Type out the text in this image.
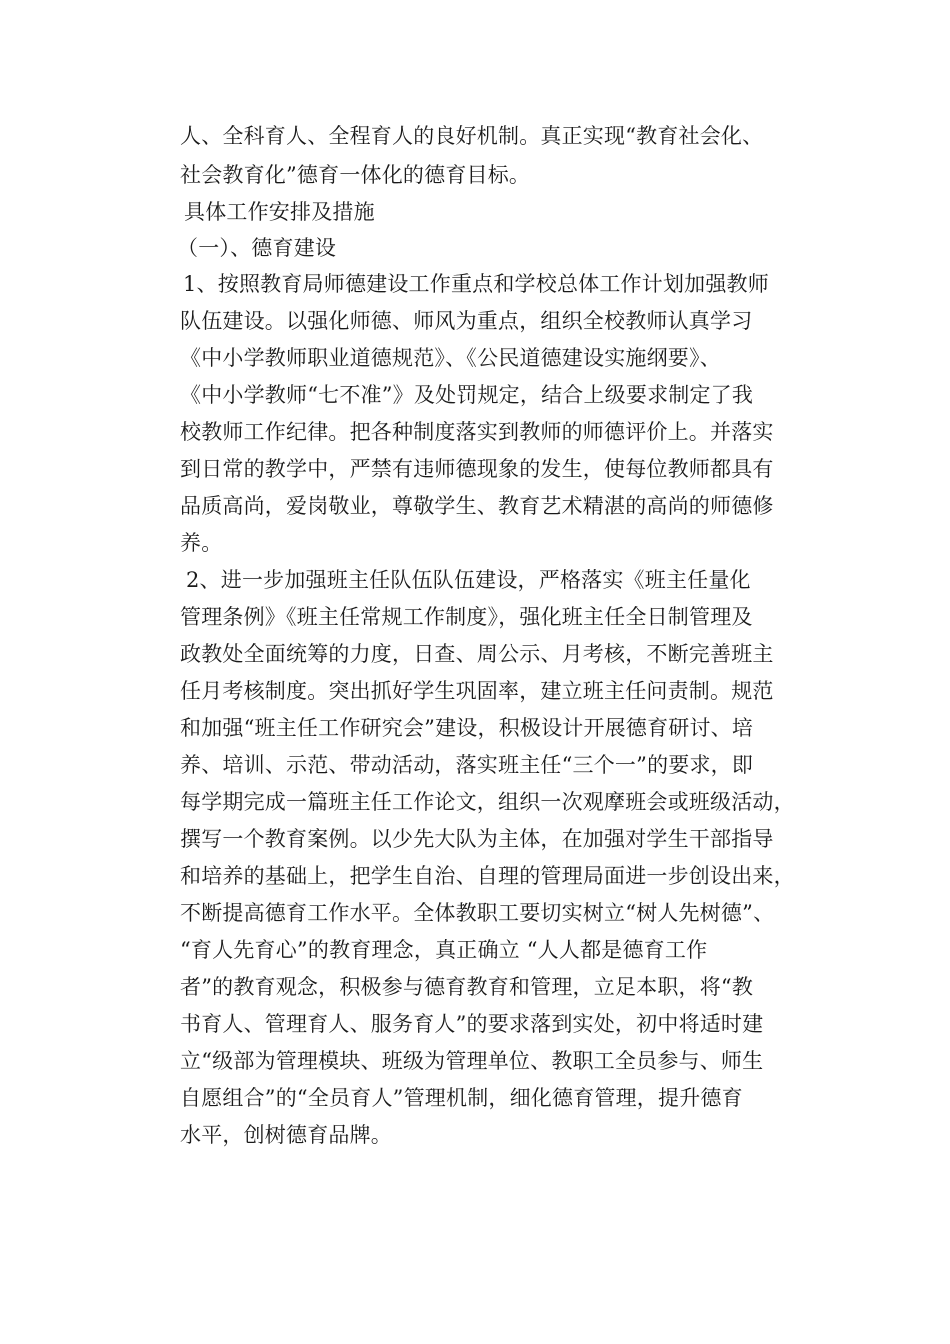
人、全科育人、全程育人的良好机制。真正实现“教育社会化、
社会教育化”德育一体化的德育目标。
具体工作安排及措施
（一）、德育建设
1、按照教育局师德建设工作重点和学校总体工作计划加强教师
队伍建设。以强化师德、师风为重点，组织全校教师认真学习
《中小学教师职业道德规范》、《公民道德建设实施纲要》、
《中小学教师“七不准”》及处罚规定，结合上级要求制定了我
校教师工作纪律。把各种制度落实到教师的师德评价上。并落实
到日常的教学中，严禁有违师德现象的发生，使每位教师都具有
品质高尚，爱岗敬业，尊敬学生、教育艺术精湛的高尚的师德修
养。
2、进一步加强班主任队伍队伍建设，严格落实《班主任量化
管理条例》《班主任常规工作制度》，强化班主任全日制管理及
政教处全面统筹的力度，日查、周公示、月考核，不断完善班主
任月考核制度。突出抓好学生巩固率，建立班主任问责制。规范
和加强“班主任工作研究会”建设，积极设计开展德育研讨、培
养、培训、示范、带动活动，落实班主任“三个一”的要求，即
每学期完成一篇班主任工作论文，组织一次观摩班会或班级活动，
撰写一个教育案例。以少先大队为主体，在加强对学生干部指导
和培养的基础上，把学生自治、自理的管理局面进一步创设出来，
不断提高德育工作水平。全体教职工要切实树立“树人先树德”、
“育人先育心”的教育理念，真正确立 “人人都是德育工作
者”的教育观念，积极参与德育教育和管理，立足本职，将“教
书育人、管理育人、服务育人”的要求落到实处，初中将适时建
立“级部为管理模块、班级为管理单位、教职工全员参与、师生
自愿组合”的“全员育人”管理机制，细化德育管理，提升德育
水平，创树德育品牌。
